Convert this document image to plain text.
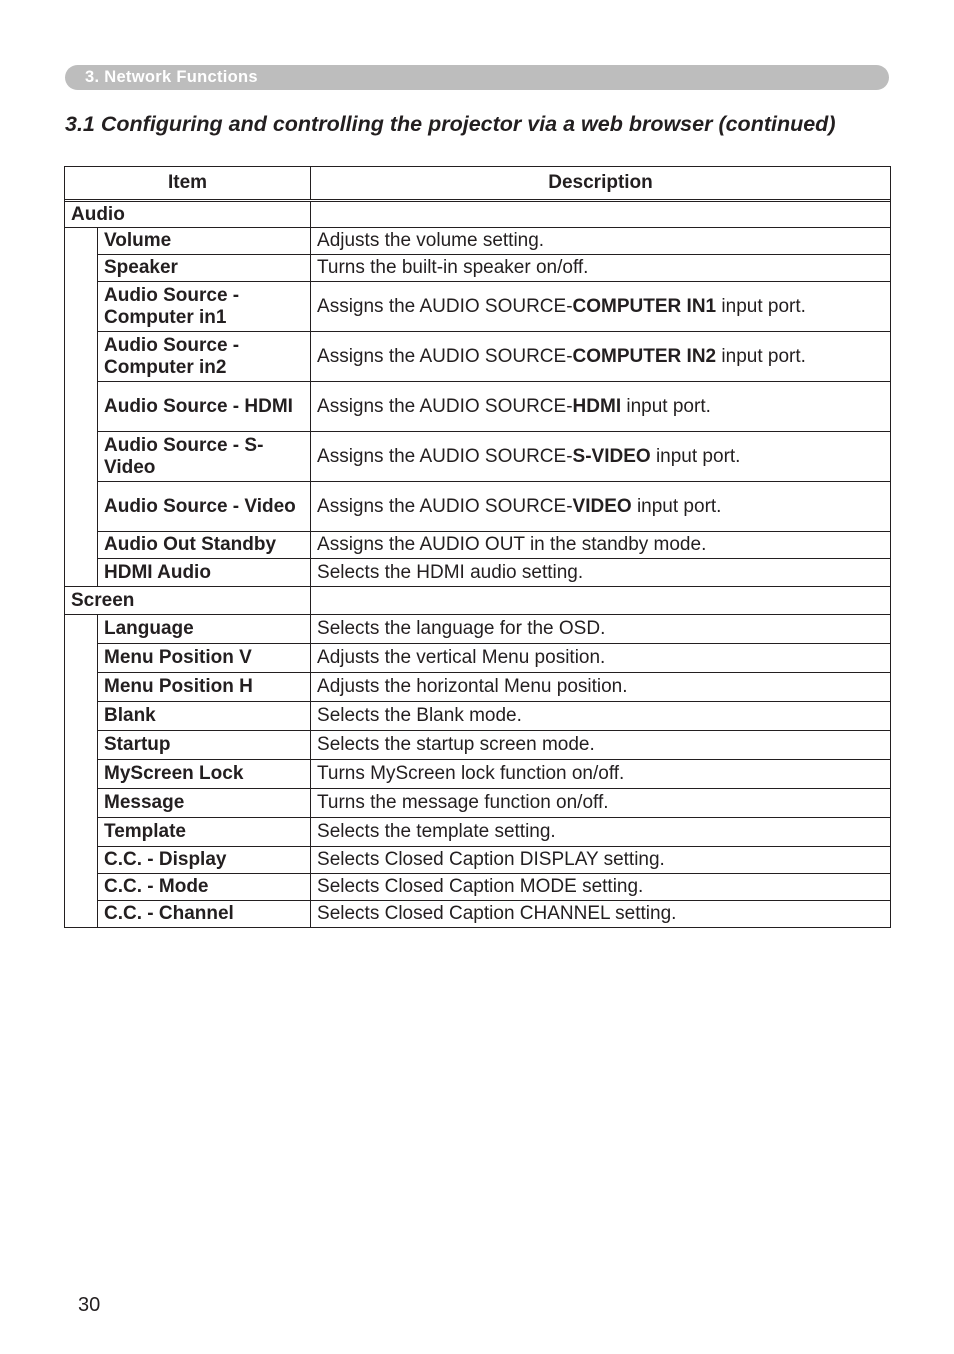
3. Network Functions
3.1 Configuring and controlling the projector via a web browser (continued)
Item		Description

Audio		
	Volume	Adjusts the volume setting.
	Speaker	Turns the built-in speaker on/off.
	Audio Source - Computer in1	Assigns the AUDIO SOURCE-COMPUTER IN1 input port.
	Audio Source - Computer in2	Assigns the AUDIO SOURCE-COMPUTER IN2 input port.
	Audio Source - HDMI	Assigns the AUDIO SOURCE-HDMI input port.
	Audio Source - S-Video	Assigns the AUDIO SOURCE-S-VIDEO input port.
	Audio Source - Video	Assigns the AUDIO SOURCE-VIDEO input port.
	Audio Out Standby	Assigns the AUDIO OUT in the standby mode.
	HDMI Audio	Selects the HDMI audio setting.
Screen		
	Language	Selects the language for the OSD.
	Menu Position V	Adjusts the vertical Menu position.
	Menu Position H	Adjusts the horizontal Menu position.
	Blank	Selects the Blank mode.
	Startup	Selects the startup screen mode.
	MyScreen Lock	Turns MyScreen lock function on/off.
	Message	Turns the message function on/off.
	Template	Selects the template setting.
	C.C. - Display	Selects Closed Caption DISPLAY setting.
	C.C. - Mode	Selects Closed Caption MODE setting.
	C.C. - Channel	Selects Closed Caption CHANNEL setting.
30
